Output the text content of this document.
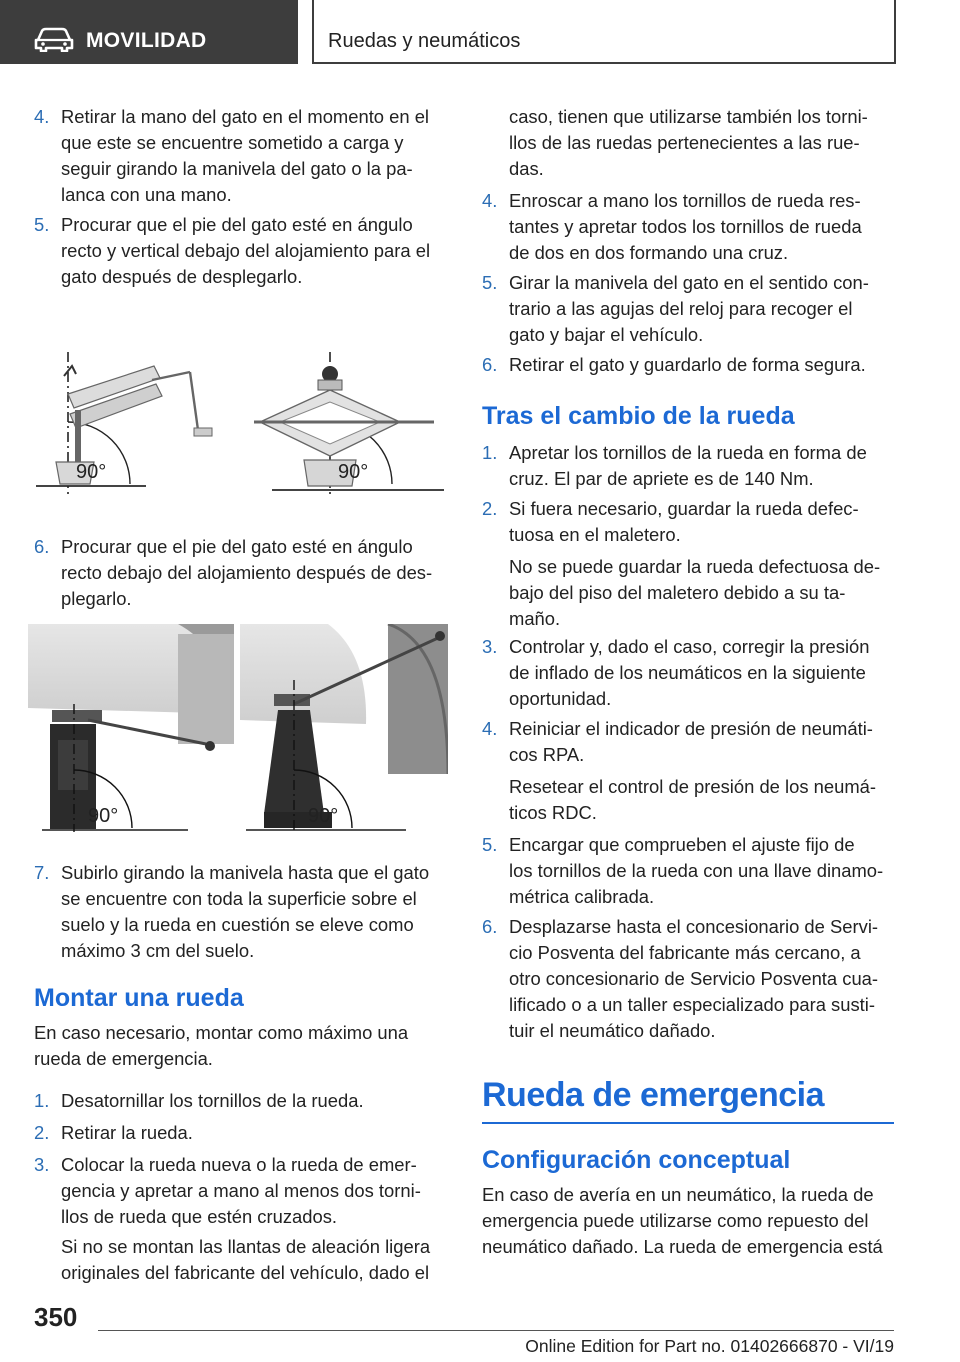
MOVILIDAD	Ruedas y neumáticos
4. Retirar la mano del gato en el momento en el
que este se encuentre sometido a carga y
seguir girando la manivela del gato o la pa-
lanca con una mano.
5. Procurar que el pie del gato esté en ángulo
recto y vertical debajo del alojamiento para el
gato después de desplegarlo.
90°	90°
6. Procurar que el pie del gato esté en ángulo
recto debajo del alojamiento después de des-
plegarlo.
90°	90°
7. Subirlo girando la manivela hasta que el gato
se encuentre con toda la superficie sobre el
suelo y la rueda en cuestión se eleve como
máximo 3 cm del suelo.
Montar una rueda
En caso necesario, montar como máximo una
rueda de emergencia.
1. Desatornillar los tornillos de la rueda.
2. Retirar la rueda.
3. Colocar la rueda nueva o la rueda de emer-
gencia y apretar a mano al menos dos torni-
llos de rueda que estén cruzados.
Si no se montan las llantas de aleación ligera
originales del fabricante del vehículo, dado el
caso, tienen que utilizarse también los torni-
llos de las ruedas pertenecientes a las rue-
das.
4. Enroscar a mano los tornillos de rueda res-
tantes y apretar todos los tornillos de rueda
de dos en dos formando una cruz.
5. Girar la manivela del gato en el sentido con-
trario a las agujas del reloj para recoger el
gato y bajar el vehículo.
6. Retirar el gato y guardarlo de forma segura.
Tras el cambio de la rueda
1. Apretar los tornillos de la rueda en forma de
cruz. El par de apriete es de 140 Nm.
2. Si fuera necesario, guardar la rueda defec-
tuosa en el maletero.
No se puede guardar la rueda defectuosa de-
bajo del piso del maletero debido a su ta-
maño.
3. Controlar y, dado el caso, corregir la presión
de inflado de los neumáticos en la siguiente
oportunidad.
4. Reiniciar el indicador de presión de neumáti-
cos RPA.
Resetear el control de presión de los neumá-
ticos RDC.
5. Encargar que comprueben el ajuste fijo de
los tornillos de la rueda con una llave dinamo-
métrica calibrada.
6. Desplazarse hasta el concesionario de Servi-
cio Posventa del fabricante más cercano, a
otro concesionario de Servicio Posventa cua-
lificado o a un taller especializado para susti-
tuir el neumático dañado.
Rueda de emergencia
Configuración conceptual
En caso de avería en un neumático, la rueda de
emergencia puede utilizarse como repuesto del
neumático dañado. La rueda de emergencia está
350
Online Edition for Part no. 01402666870 - VI/19
